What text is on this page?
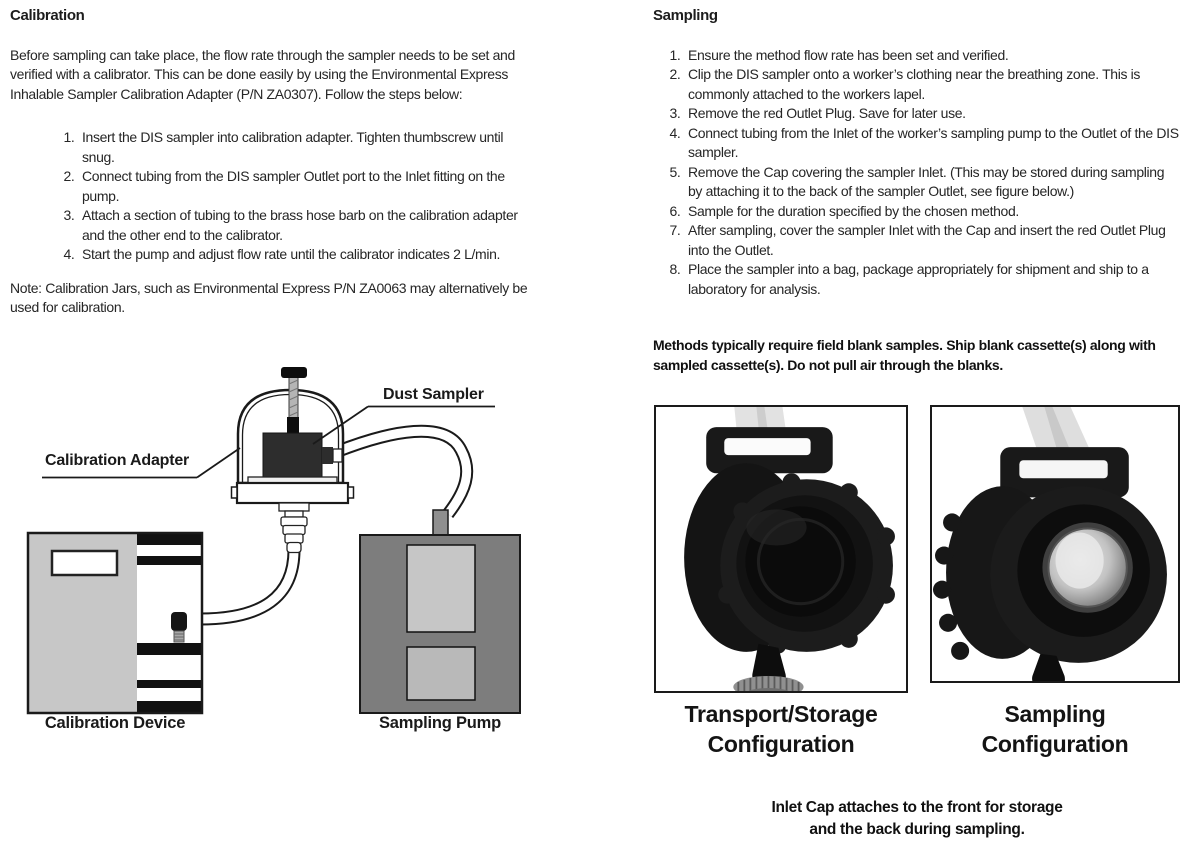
Calibration

Before sampling can take place, the flow rate through the sampler needs to be set and verified with a calibrator. This can be done easily by using the Environmental Express Inhalable Sampler Calibration Adapter (P/N ZA0307). Follow the steps below:

1. Insert the DIS sampler into calibration adapter. Tighten thumbscrew until snug.
2. Connect tubing from the DIS sampler Outlet port to the Inlet fitting on the pump.
3. Attach a section of tubing to the brass hose barb on the calibration adapter and the other end to the calibrator.
4. Start the pump and adjust flow rate until the calibrator indicates 2 L/min.

Note: Calibration Jars, such as Environmental Express P/N ZA0063 may alternatively be used for calibration.

Sampling
1. Ensure the method flow rate has been set and verified.
2. Clip the DIS sampler onto a worker’s clothing near the breathing zone. This is commonly attached to the workers lapel.
3. Remove the red Outlet Plug. Save for later use.
4. Connect tubing from the Inlet of the worker’s sampling pump to the Outlet of the DIS sampler.
5. Remove the Cap covering the sampler Inlet. (This may be stored during sampling by attaching it to the back of the sampler Outlet, see figure below.)
6. Sample for the duration specified by the chosen method.
7. After sampling, cover the sampler Inlet with the Cap and insert the red Outlet Plug into the Outlet.
8. Place the sampler into a bag, package appropriately for shipment and ship to a laboratory for analysis.

Methods typically require field blank samples. Ship blank cassette(s) along with sampled cassette(s). Do not pull air through the blanks.

Dust Sampler
Calibration Adapter
Calibration Device	Sampling Pump	Transport/Storage
Configuration
Sampling
Configuration
Inlet Cap attaches to the front for storage
and the back during sampling.
